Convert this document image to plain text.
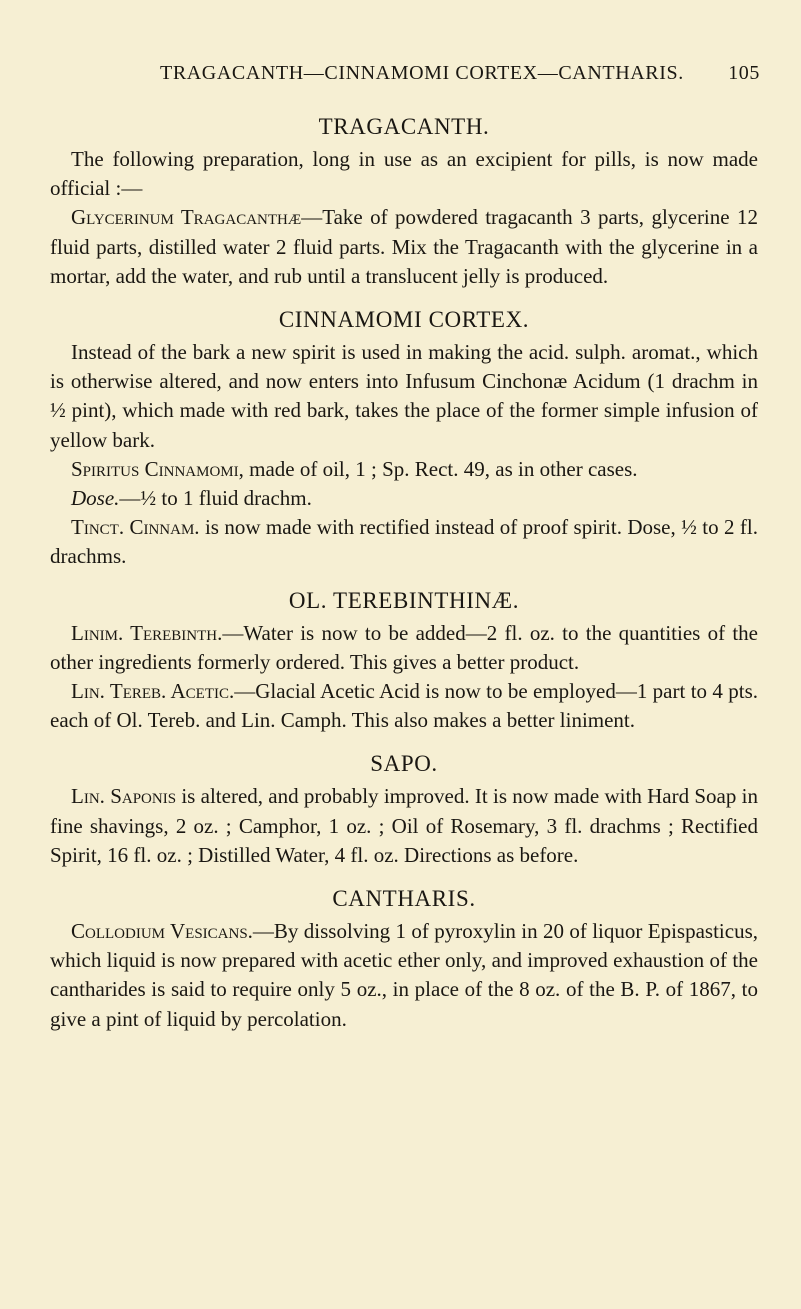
TRAGACANTH—CINNAMOMI CORTEX—CANTHARIS. 105
TRAGACANTH.

The following preparation, long in use as an excipient for pills, is now made official :—

Glycerinum Tragacanthæ—Take of powdered tragacanth 3 parts, glycerine 12 fluid parts, distilled water 2 fluid parts. Mix the Tragacanth with the glycerine in a mortar, add the water, and rub until a translucent jelly is produced.

CINNAMOMI CORTEX.

Instead of the bark a new spirit is used in making the acid. sulph. aromat., which is otherwise altered, and now enters into Infusum Cinchonæ Acidum (1 drachm in ½ pint), which made with red bark, takes the place of the former simple infusion of yellow bark.

Spiritus Cinnamomi, made of oil, 1 ; Sp. Rect. 49, as in other cases.

Dose.—½ to 1 fluid drachm.

Tinct. Cinnam. is now made with rectified instead of proof spirit. Dose, ½ to 2 fl. drachms.

OL. TEREBINTHINÆ.

Linim. Terebinth.—Water is now to be added—2 fl. oz. to the quantities of the other ingredients formerly ordered. This gives a better product.

Lin. Tereb. Acetic.—Glacial Acetic Acid is now to be employed—1 part to 4 pts. each of Ol. Tereb. and Lin. Camph. This also makes a better liniment.

SAPO.

Lin. Saponis is altered, and probably improved. It is now made with Hard Soap in fine shavings, 2 oz. ; Camphor, 1 oz. ; Oil of Rosemary, 3 fl. drachms ; Rectified Spirit, 16 fl. oz. ; Distilled Water, 4 fl. oz. Directions as before.

CANTHARIS.

Collodium Vesicans.—By dissolving 1 of pyroxylin in 20 of liquor Epispasticus, which liquid is now prepared with acetic ether only, and improved exhaustion of the cantharides is said to require only 5 oz., in place of the 8 oz. of the B. P. of 1867, to give a pint of liquid by percolation.
